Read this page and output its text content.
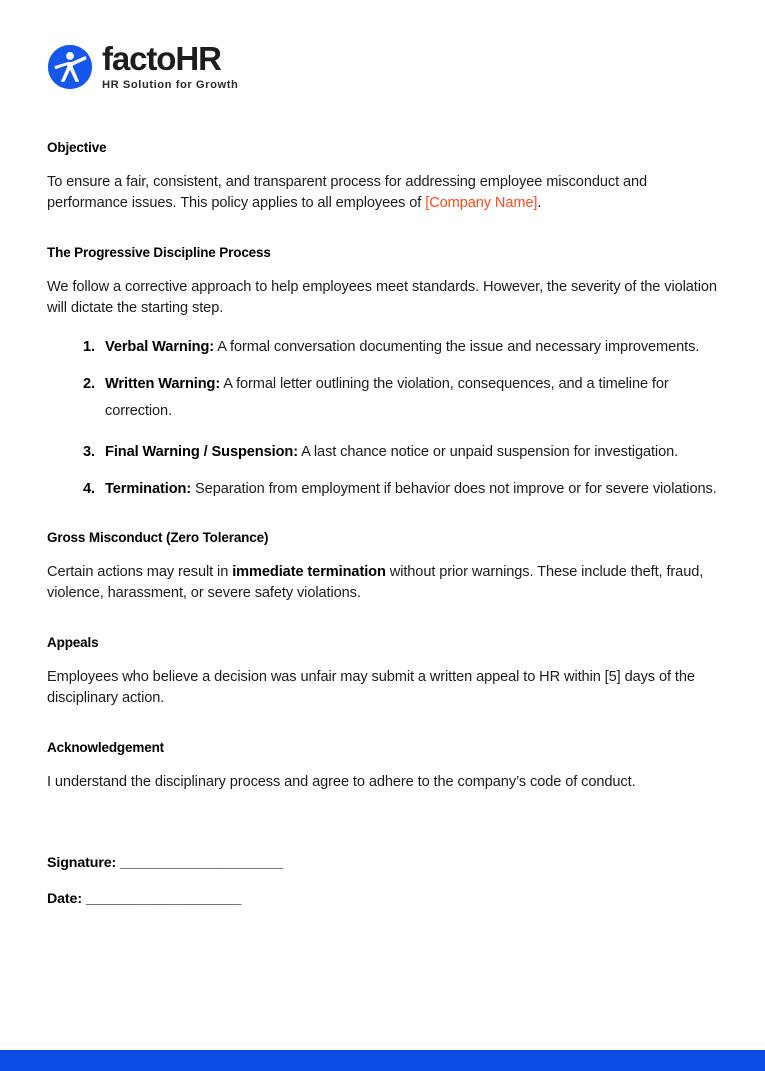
factoHR
HR Solution for Growth
Objective

To ensure a fair, consistent, and transparent process for addressing employee misconduct and performance issues. This policy applies to all employees of [Company Name].

The Progressive Discipline Process

We follow a corrective approach to help employees meet standards. However, the severity of the violation will dictate the starting step.

Verbal Warning: A formal conversation documenting the issue and necessary improvements.
Written Warning: A formal letter outlining the violation, consequences, and a timeline for correction.
Final Warning / Suspension: A last chance notice or unpaid suspension for investigation.
Termination: Separation from employment if behavior does not improve or for severe violations.
Gross Misconduct (Zero Tolerance)

Certain actions may result in immediate termination without prior warnings. These include theft, fraud, violence, harassment, or severe safety violations.

Appeals

Employees who believe a decision was unfair may submit a written appeal to HR within [5] days of the disciplinary action.

Acknowledgement

I understand the disciplinary process and agree to adhere to the company’s code of conduct.

Signature: ______________________
Date: _____________________
